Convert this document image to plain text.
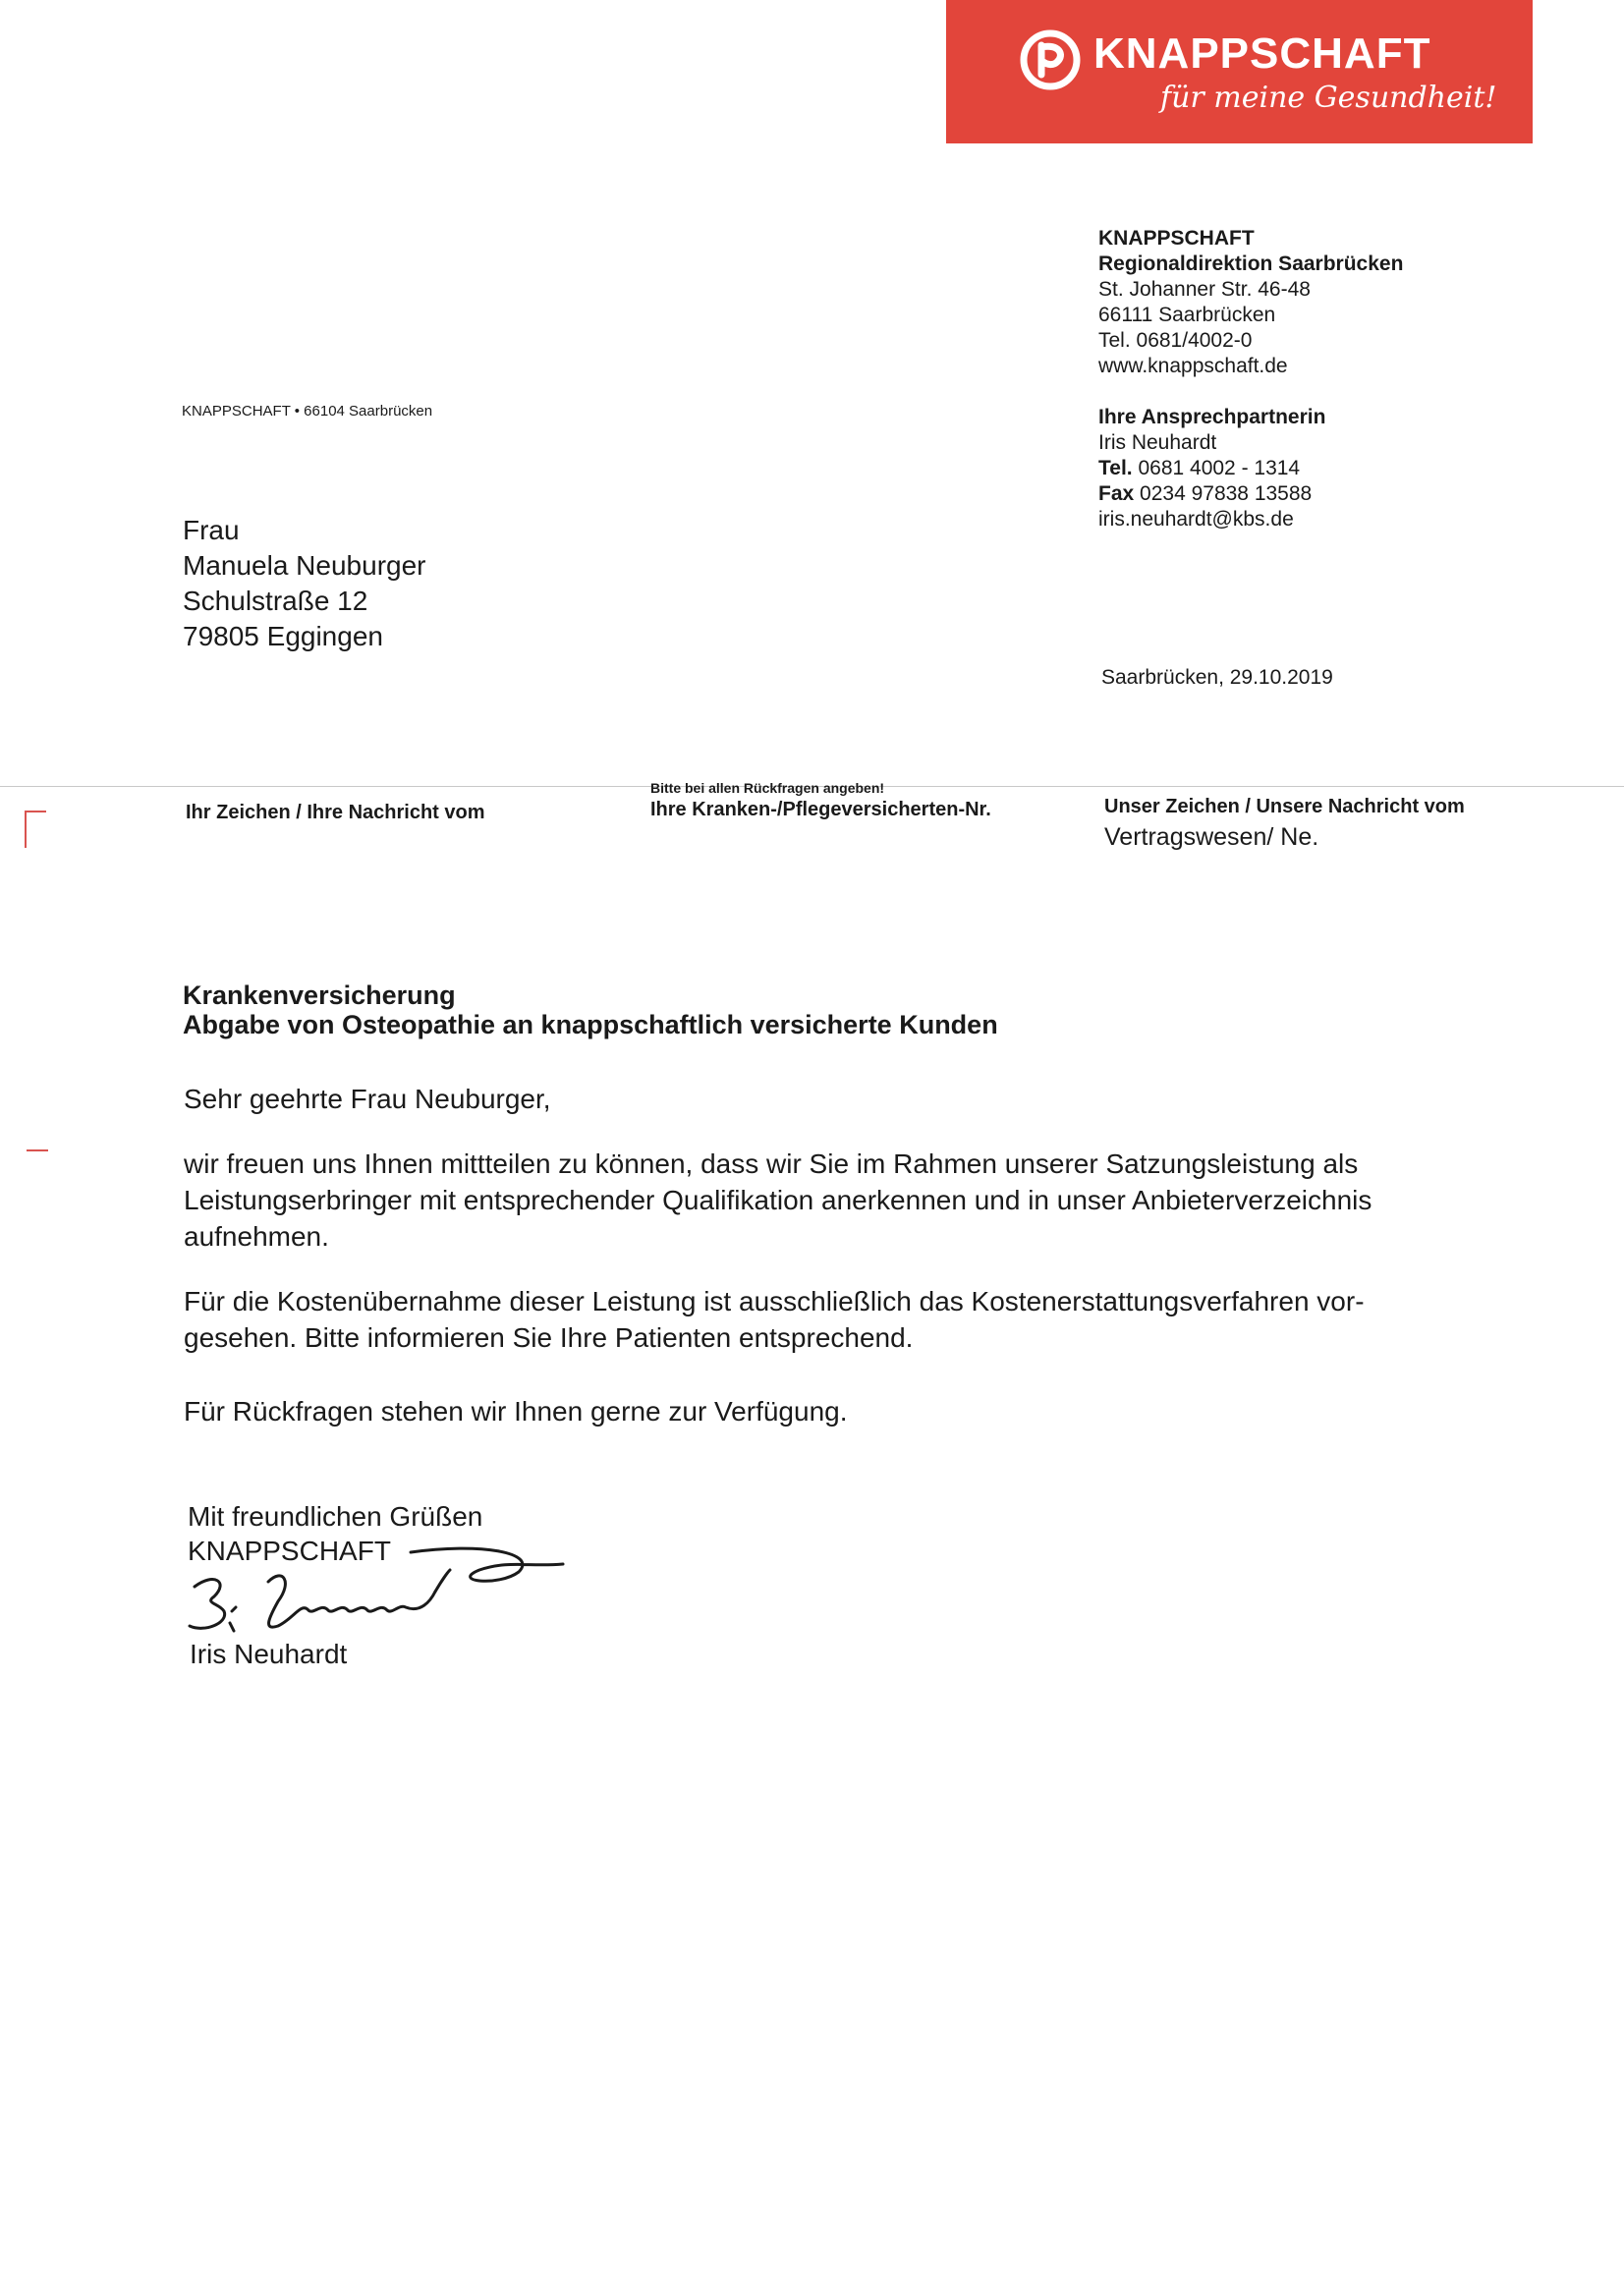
KNAPPSCHAFT
für meine Gesundheit!
KNAPPSCHAFT
Regionaldirektion Saarbrücken
St. Johanner Str. 46-48
66111 Saarbrücken
Tel. 0681/4002-0
www.knappschaft.de
Ihre Ansprechpartnerin
Iris Neuhardt
Tel. 0681 4002 - 1314
Fax 0234 97838 13588
iris.neuhardt@kbs.de
KNAPPSCHAFT • 66104 Saarbrücken
Frau
Manuela Neuburger
Schulstraße 12
79805 Eggingen
Saarbrücken, 29.10.2019
Ihr Zeichen / Ihre Nachricht vom
Bitte bei allen Rückfragen angeben!
Ihre Kranken-/Pflegeversicherten-Nr.	Unser Zeichen / Unsere Nachricht vom
Vertragswesen/ Ne.
Krankenversicherung
Abgabe von Osteopathie an knappschaftlich versicherte Kunden
Sehr geehrte Frau Neuburger,
wir freuen uns Ihnen mittteilen zu können, dass wir Sie im Rahmen unserer Satzungsleistung als
Leistungserbringer mit entsprechender Qualifikation anerkennen und in unser Anbieterverzeichnis
aufnehmen.
Für die Kostenübernahme dieser Leistung ist ausschließlich das Kostenerstattungsverfahren vor-
gesehen. Bitte informieren Sie Ihre Patienten entsprechend.
Für Rückfragen stehen wir Ihnen gerne zur Verfügung.
Mit freundlichen Grüßen
KNAPPSCHAFT
Iris Neuhardt
